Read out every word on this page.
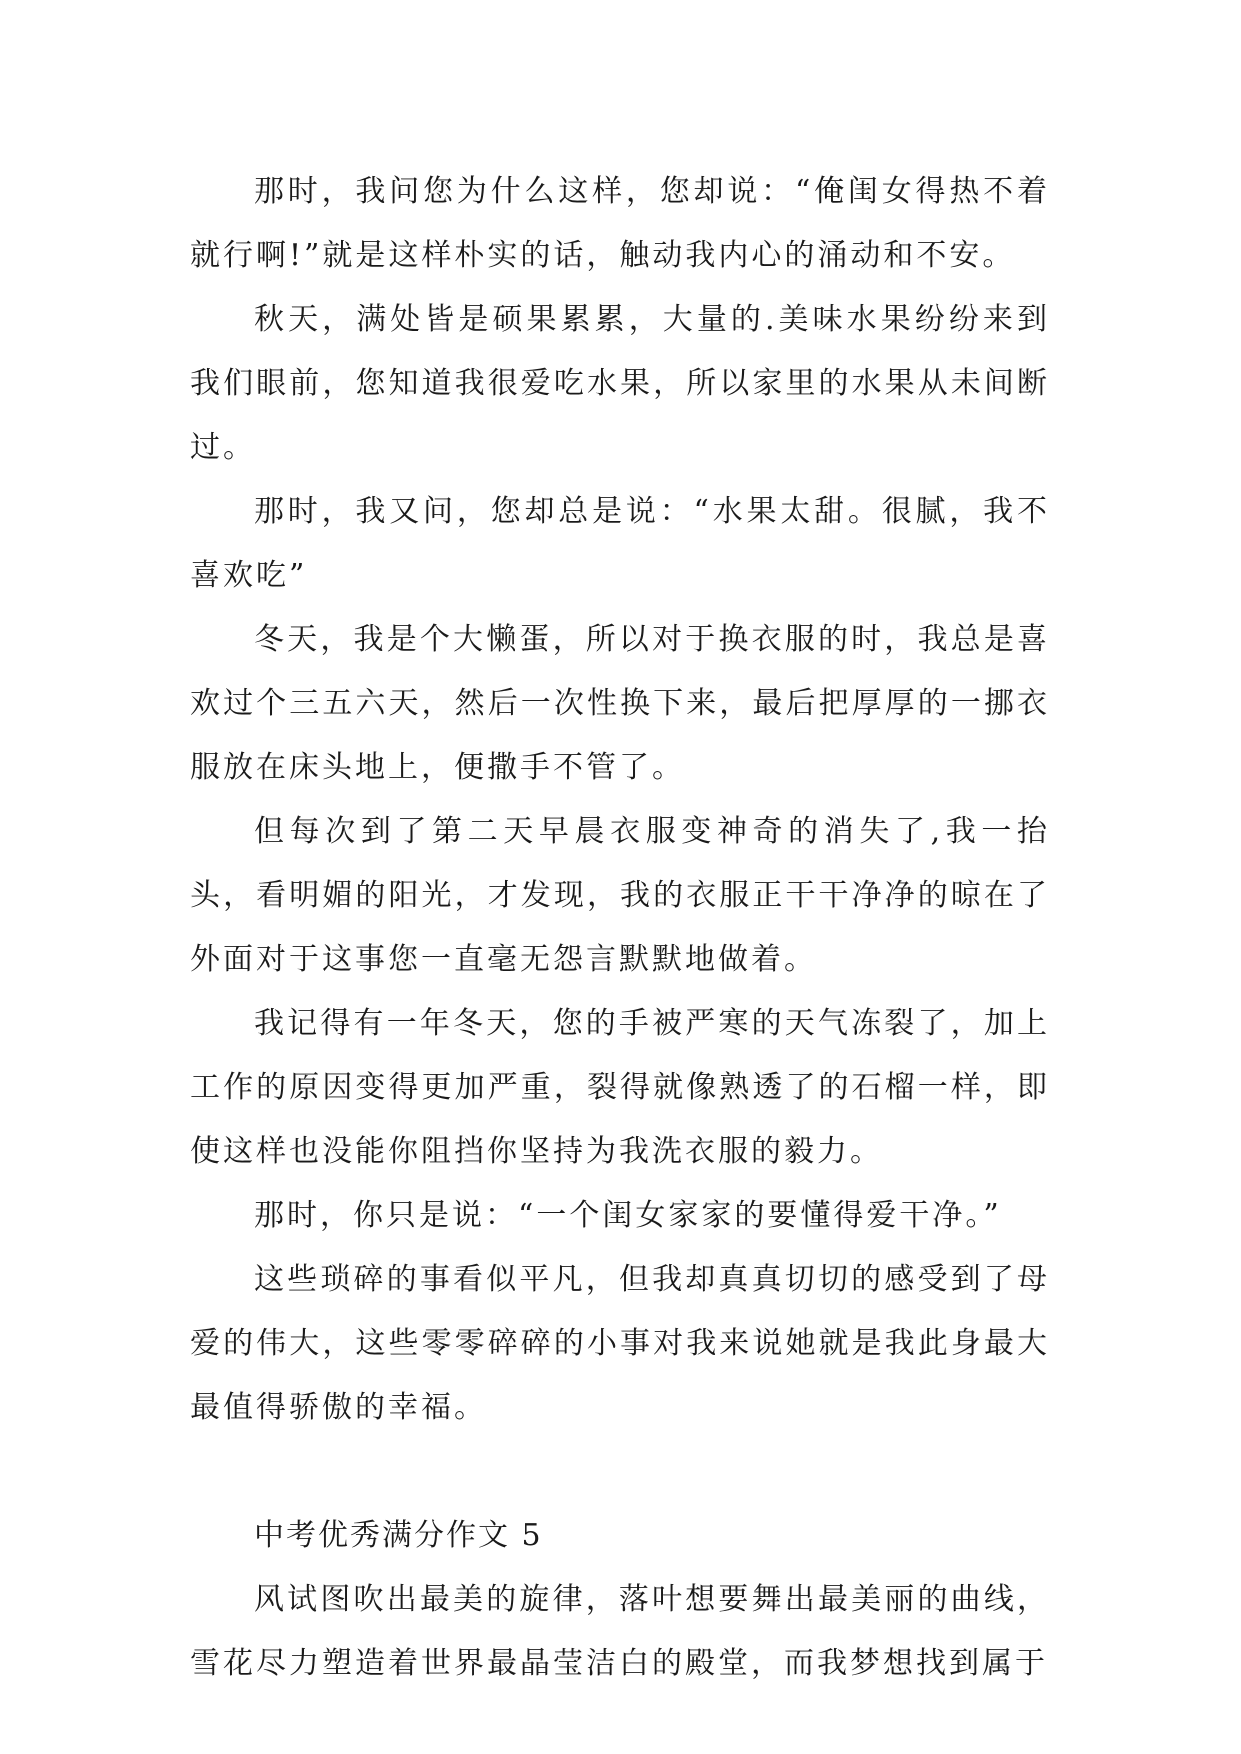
那时，我问您为什么这样，您却说：“俺闺女得热不着就行啊!”就是这样朴实的话，触动我内心的涌动和不安。

秋天，满处皆是硕果累累，大量的.美味水果纷纷来到我们眼前，您知道我很爱吃水果，所以家里的水果从未间断过。

那时，我又问，您却总是说：“水果太甜。很腻，我不喜欢吃”

冬天，我是个大懒蛋，所以对于换衣服的时，我总是喜欢过个三五六天，然后一次性换下来，最后把厚厚的一挪衣服放在床头地上，便撒手不管了。

但每次到了第二天早晨衣服变神奇的消失了,我一抬头，看明媚的阳光，才发现，我的衣服正干干净净的晾在了外面对于这事您一直毫无怨言默默地做着。

我记得有一年冬天，您的手被严寒的天气冻裂了，加上工作的原因变得更加严重，裂得就像熟透了的石榴一样，即使这样也没能你阻挡你坚持为我洗衣服的毅力。

那时，你只是说：“一个闺女家家的要懂得爱干净。”

这些琐碎的事看似平凡，但我却真真切切的感受到了母爱的伟大，这些零零碎碎的小事对我来说她就是我此身最大最值得骄傲的幸福。

中考优秀满分作文 5

风试图吹出最美的旋律，落叶想要舞出最美丽的曲线，雪花尽力塑造着世界最晶莹洁白的殿堂，而我梦想找到属于
